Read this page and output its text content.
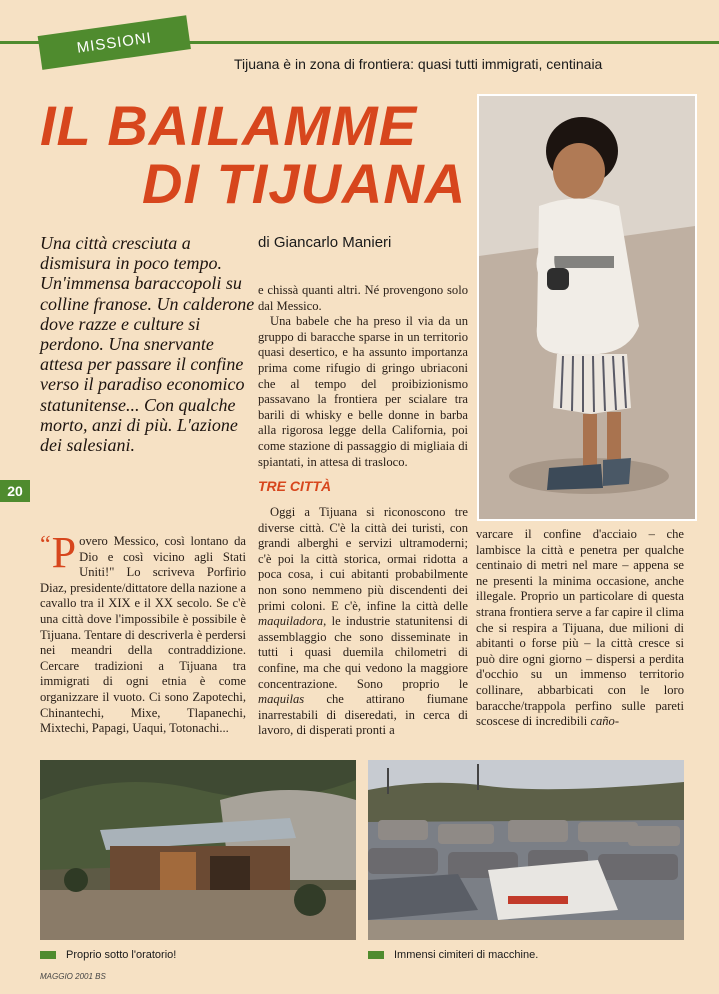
MISSIONI
Tijuana è in zona di frontiera: quasi tutti immigrati, centinaia
IL BAILAMME
DI TIJUANA
Una città cresciuta a dismisura in poco tempo. Un'immensa baraccopoli su colline franose. Un calderone dove razze e culture si perdono. Una snervante attesa per passare il confine verso il paradiso economico statunitense... Con qualche morto, anzi di più. L'azione dei salesiani.
20
di Giancarlo Manieri

e chissà quanti altri. Né provengono solo dal Messico.

Una babele che ha preso il via da un gruppo di baracche sparse in un territorio quasi desertico, e ha assunto importanza prima come rifugio di gringo ubriaconi che al tempo del proibizionismo passavano la frontiera per scialare tra barili di whisky e belle donne in barba alla rigorosa legge della California, poi come stazione di passaggio di migliaia di spiantati, in attesa di trasloco.

TRE CITTÀ

Oggi a Tijuana si riconoscono tre diverse città. C'è la città dei turisti, con grandi alberghi e servizi ultramoderni; c'è poi la città storica, ormai ridotta a poca cosa, i cui abitanti probabilmente non sono nemmeno più discendenti dei primi coloni. E c'è, infine la città delle maquiladora, le industrie statunitensi di assemblaggio che sono disseminate in tutti i quasi duemila chilometri di confine, ma che qui vedono la maggiore concentrazione. Sono proprio le maquilas che attirano fiumane inarrestabili di diseredati, in cerca di lavoro, di disperati pronti a

“ P overo Messico, così lontano da Dio e così vicino agli Stati Uniti!" Lo scriveva Porfirio Diaz, presidente/dittatore della nazione a cavallo tra il XIX e il XX secolo. Se c'è una città dove l'impossibile è possibile è Tijuana. Tentare di descriverla è perdersi nei meandri della contraddizione. Cercare tradizioni a Tijuana tra immigrati di ogni etnia è come organizzare il vuoto. Ci sono Zapotechi, Chinantechi, Mixe, Tlapanechi, Mixtechi, Papagi, Uaqui, Totonachi...

varcare il confine d'acciaio – che lambisce la città e penetra per qualche centinaio di metri nel mare – appena se ne presenti la minima occasione, anche illegale. Proprio un particolare di questa strana frontiera serve a far capire il clima che si respira a Tijuana, due milioni di abitanti o forse più – la città cresce si può dire ogni giorno – dispersi a perdita d'occhio su un immenso territorio collinare, abbarbicati con le loro baracche/trappola perfino sulle pareti scoscese di incredibili caño-

Proprio sotto l'oratorio!	Immensi cimiteri di macchine.
MAGGIO 2001 BS
